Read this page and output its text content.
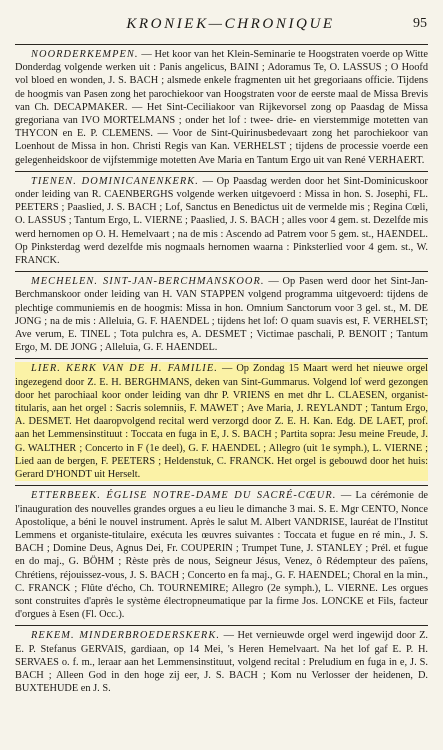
KRONIEK—CHRONIQUE	95

NOORDERKEMPEN. — Het koor van het Klein-Seminarie te Hoogstraten voerde op Witte Donderdag volgende werken uit : Panis angelicus, BAINI ; Adoramus Te, O. LASSUS ; O Hoofd vol bloed en wonden, J. S. BACH ; alsmede enkele fragmenten uit het gregoriaans officie. Tijdens de hoogmis van Pasen zong het parochiekoor van Hoogstraten voor de eerste maal de Missa Brevis van Ch. DECAPMAKER. — Het Sint-Ceciliakoor van Rijkevorsel zong op Paasdag de Missa gregoriana van IVO MORTELMANS ; onder het lof : twee- drie- en vierstemmige motetten van THYCON en E. P. CLEMENS. — Voor de Sint-Quirinusbedevaart zong het parochiekoor van Loenhout de Missa in hon. Christi Regis van Kan. VERHELST ; tijdens de processie voerde een gelegenheidskoor de vijfstemmige motetten Ave Maria en Tantum Ergo uit van René VERHAERT.

TIENEN. DOMINICANENKERK. — Op Paasdag werden door het Sint-Dominicuskoor onder leiding van R. CAENBERGHS volgende werken uitgevoerd : Missa in hon. S. Josephi, FL. PEETERS ; Paaslied, J. S. BACH ; Lof, Sanctus en Benedictus uit de vermelde mis ; Regina Cœli, O. LASSUS ; Tantum Ergo, L. VIERNE ; Paaslied, J. S. BACH ; alles voor 4 gem. st. Dezelfde mis werd hernomen op O. H. Hemelvaart ; na de mis : Ascendo ad Patrem voor 5 gem. st., HAENDEL. Op Pinksterdag werd dezelfde mis nogmaals hernomen waarna : Pinksterlied voor 4 gem. st., W. FRANCK.

MECHELEN. SINT-JAN-BERCHMANSKOOR. — Op Pasen werd door het Sint-Jan-Berchmanskoor onder leiding van H. VAN STAPPEN volgend programma uitgevoerd: tijdens de plechtige communiemis en de hoogmis: Missa in hon. Omnium Sanctorum voor 3 gel. st., M. DE JONG ; na de mis : Alleluia, G. F. HAENDEL ; tijdens het lof: O quam suavis est, F. VERHELST; Ave verum, E. TINEL ; Tota pulchra es, A. DESMET ; Victimae paschali, P. BENOIT ; Tantum Ergo, M. DE JONG ; Alleluia, G. F. HAENDEL.

LIER. KERK VAN DE H. FAMILIE. — Op Zondag 15 Maart werd het nieuwe orgel ingezegend door Z. E. H. BERGHMANS, deken van Sint-Gummarus. Volgend lof werd gezongen door het parochiaal koor onder leiding van dhr P. VRIENS en met dhr L. CLAESEN, organist-titularis, aan het orgel : Sacris solemniis, F. MAWET ; Ave Maria, J. REYLANDT ; Tantum Ergo, A. DESMET. Het daaropvolgend recital werd verzorgd door Z. E. H. Kan. Edg. DE LAET, prof. aan het Lemmensinstituut : Toccata en fuga in E, J. S. BACH ; Partita sopra: Jesu meine Freude, J. G. WALTHER ; Concerto in F (1e deel), G. F. HAENDEL ; Allegro (uit 1e symph.), L. VIERNE ; Lied aan de bergen, F. PEETERS ; Heldenstuk, C. FRANCK. Het orgel is gebouwd door het huis: Gerard D'HONDT uit Herselt.

ETTERBEEK. ÉGLISE NOTRE-DAME DU SACRÉ-CŒUR. — La cérémonie de l'inauguration des nouvelles grandes orgues a eu lieu le dimanche 3 mai. S. E. Mgr CENTO, Nonce Apostolique, a béni le nouvel instrument. Après le salut M. Albert VANDRISE, lauréat de l'Institut Lemmens et organiste-titulaire, exécuta les œuvres suivantes : Toccata et fugue en ré min., J. S. BACH ; Domine Deus, Agnus Dei, Fr. COUPERIN ; Trumpet Tune, J. STANLEY ; Prél. et fugue en do maj., G. BÖHM ; Rèste près de nous, Seigneur Jésus, Venez, ô Rédempteur des païens, Chrétiens, réjouissez-vous, J. S. BACH ; Concerto en fa maj., G. F. HAENDEL; Choral en la min., C. FRANCK ; Flûte d'écho, Ch. TOURNEMIRE; Allegro (2e symph.), L. VIERNE. Les orgues sont construites d'après le système électropneumatique par la firme Jos. LONCKE et Fils, facteur d'orgues à Esen (Fl. Occ.).

REKEM. MINDERBROEDERSKERK. — Het vernieuwde orgel werd ingewijd door Z. E. P. Stefanus GERVAIS, gardiaan, op 14 Mei, 's Heren Hemelvaart. Na het lof gaf E. P. H. SERVAES o. f. m., leraar aan het Lemmensinstituut, volgend recital : Preludium en fuga in e, J. S. BACH ; Alleen God in den hoge zij eer, J. S. BACH ; Kom nu Verlosser der heidenen, D. BUXTEHUDE en J. S.
